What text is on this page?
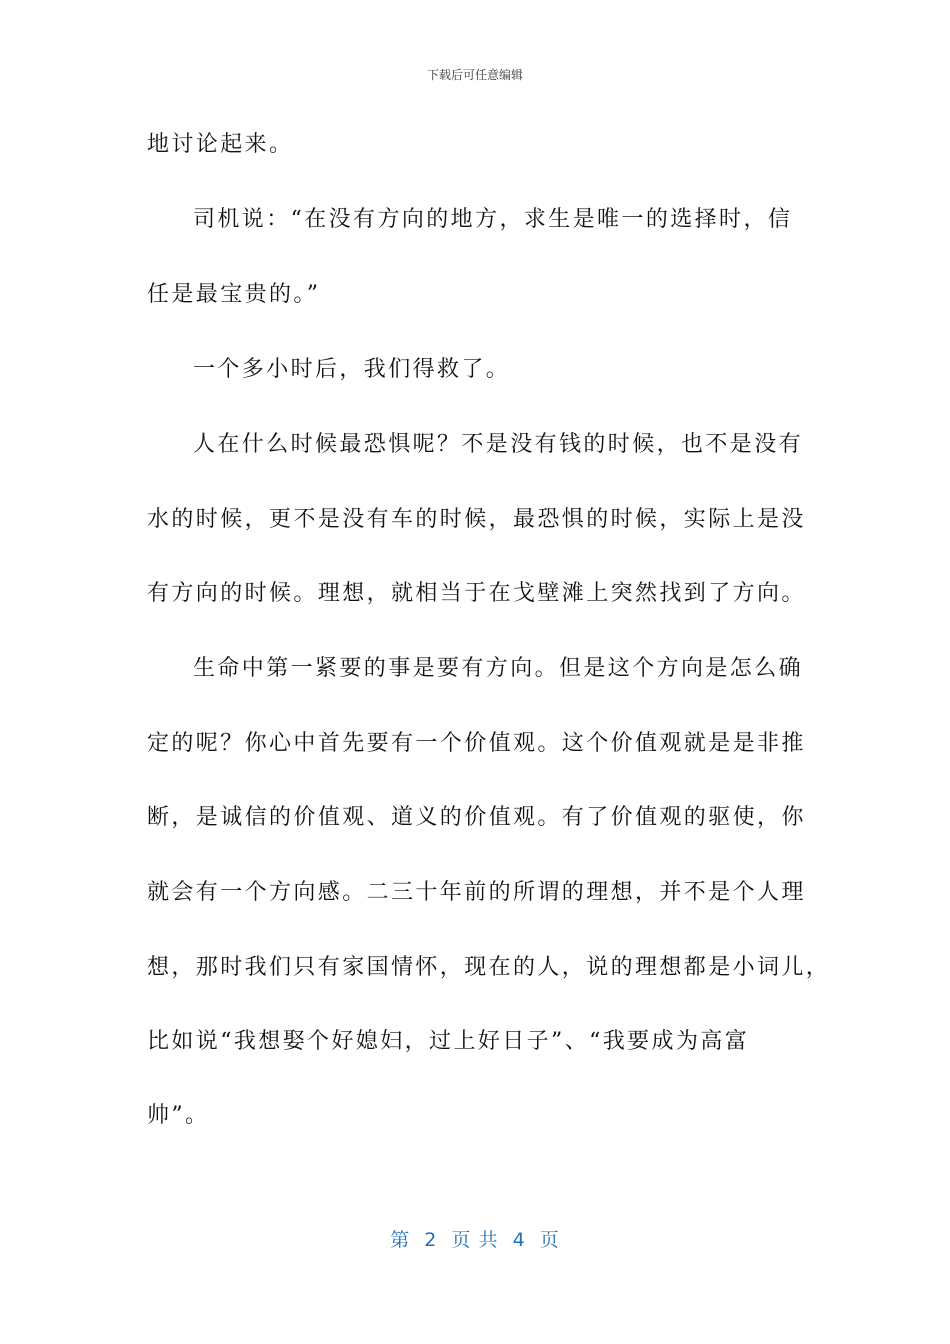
下载后可任意编辑
地讨论起来。
司机说：“在没有方向的地方，求生是唯一的选择时，信
任是最宝贵的。”
一个多小时后，我们得救了。
人在什么时候最恐惧呢？不是没有钱的时候，也不是没有
水的时候，更不是没有车的时候，最恐惧的时候，实际上是没
有方向的时候。理想，就相当于在戈壁滩上突然找到了方向。
生命中第一紧要的事是要有方向。但是这个方向是怎么确
定的呢？你心中首先要有一个价值观。这个价值观就是是非推
断，是诚信的价值观、道义的价值观。有了价值观的驱使，你
就会有一个方向感。二三十年前的所谓的理想，并不是个人理
想，那时我们只有家国情怀，现在的人，说的理想都是小词儿，
比如说“我想娶个好媳妇，过上好日子”、“我要成为高富
帅”。
第  2  页 共  4  页
